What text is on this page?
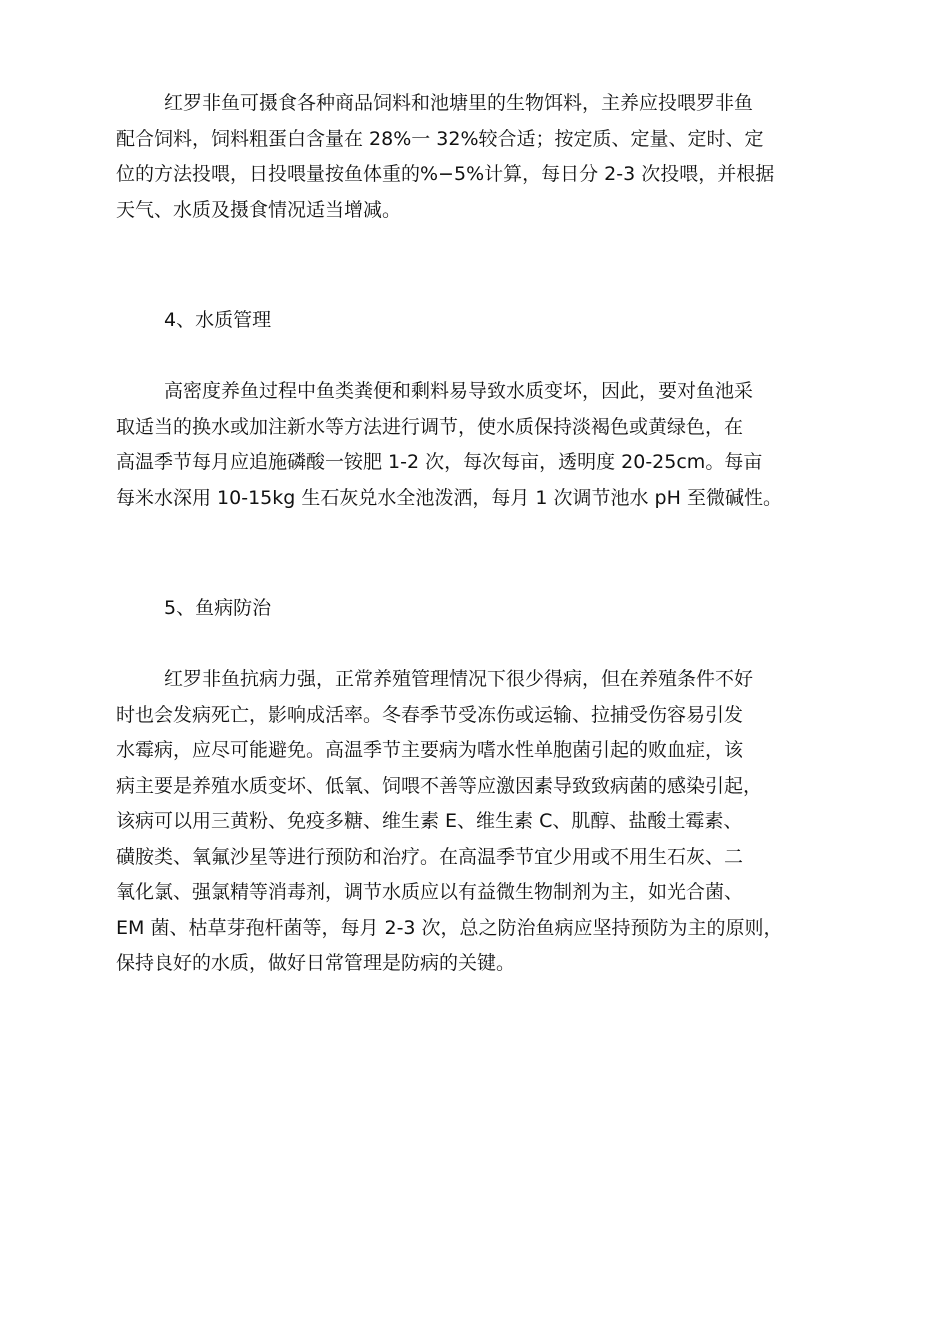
红罗非鱼可摄食各种商品饲料和池塘里的生物饵料，主养应投喂罗非鱼
配合饲料，饲料粗蛋白含量在 28%一 32%较合适；按定质、定量、定时、定
位的方法投喂，日投喂量按鱼体重的%−5%计算，每日分 2-3 次投喂，并根据
天气、水质及摄食情况适当增减。
4、水质管理
高密度养鱼过程中鱼类粪便和剩料易导致水质变坏，因此，要对鱼池采
取适当的换水或加注新水等方法进行调节，使水质保持淡褐色或黄绿色，在
高温季节每月应追施磷酸一铵肥 1-2 次，每次每亩，透明度 20-25cm。每亩
每米水深用 10-15kg 生石灰兑水全池泼洒，每月 1 次调节池水 pH 至微碱性。
5、鱼病防治
红罗非鱼抗病力强，正常养殖管理情况下很少得病，但在养殖条件不好
时也会发病死亡，影响成活率。冬春季节受冻伤或运输、拉捕受伤容易引发
水霉病，应尽可能避免。高温季节主要病为嗜水性单胞菌引起的败血症，该
病主要是养殖水质变坏、低氧、饲喂不善等应激因素导致致病菌的感染引起，
该病可以用三黄粉、免疫多糖、维生素 E、维生素 C、肌醇、盐酸土霉素、
磺胺类、氧氟沙星等进行预防和治疗。在高温季节宜少用或不用生石灰、二
氧化氯、强氯精等消毒剂，调节水质应以有益微生物制剂为主，如光合菌、
EM 菌、枯草芽孢杆菌等，每月 2-3 次，总之防治鱼病应坚持预防为主的原则，
保持良好的水质，做好日常管理是防病的关键。
